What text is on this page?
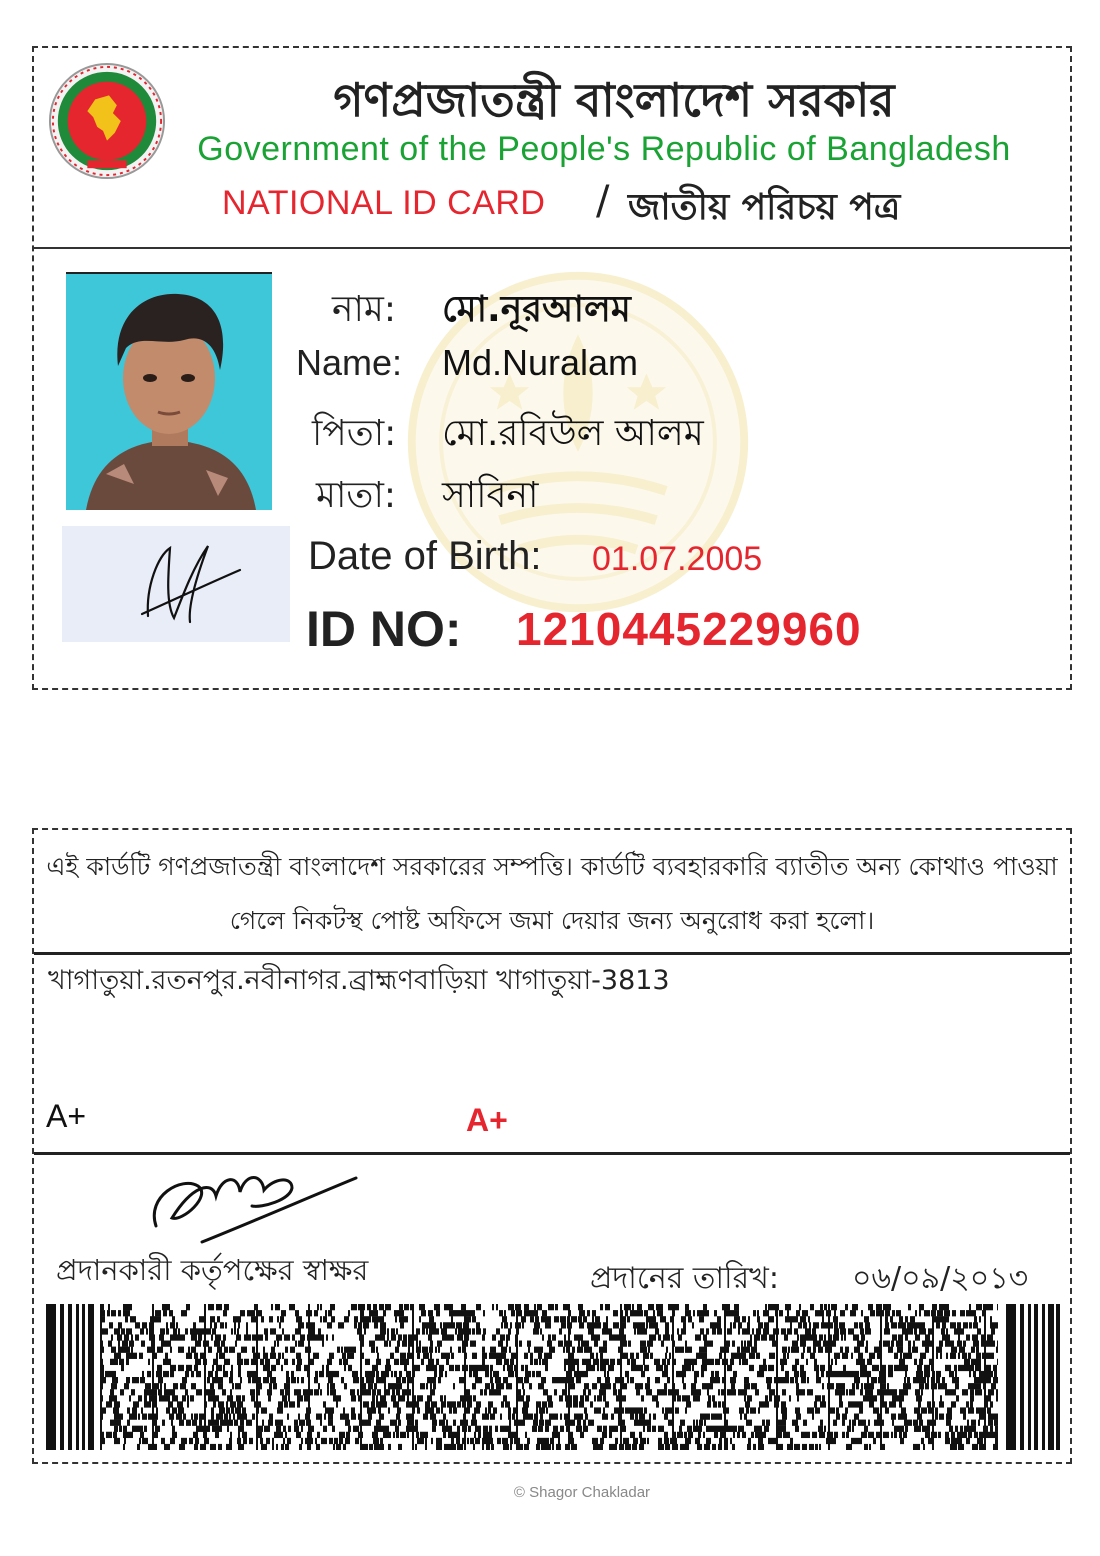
গণপ্রজাতন্ত্রী বাংলাদেশ সরকার
Government of the People's Republic of Bangladesh
NATIONAL ID CARD / জাতীয় পরিচয় পত্র
নাম: মো.নূরআলম
Name: Md.Nuralam
পিতা: মো.রবিউল আলম
মাতা: সাবিনা
Date of Birth: 01.07.2005
ID NO: 1210445229960
এই কার্ডটি গণপ্রজাতন্ত্রী বাংলাদেশ সরকারের সম্পত্তি। কার্ডটি ব্যবহারকারি ব্যাতীত অন্য কোথাও পাওয়া গেলে নিকটস্থ পোষ্ট অফিসে জমা দেয়ার জন্য অনুরোধ করা হলো।
খাগাতুয়া.রতনপুর.নবীনাগর.ব্রাহ্মণবাড়িয়া খাগাতুয়া-3813
A+	A+
প্রদানকারী কর্তৃপক্ষের স্বাক্ষর	প্রদানের তারিখ: ০৬/০৯/২০১৩
© Shagor Chakladar
